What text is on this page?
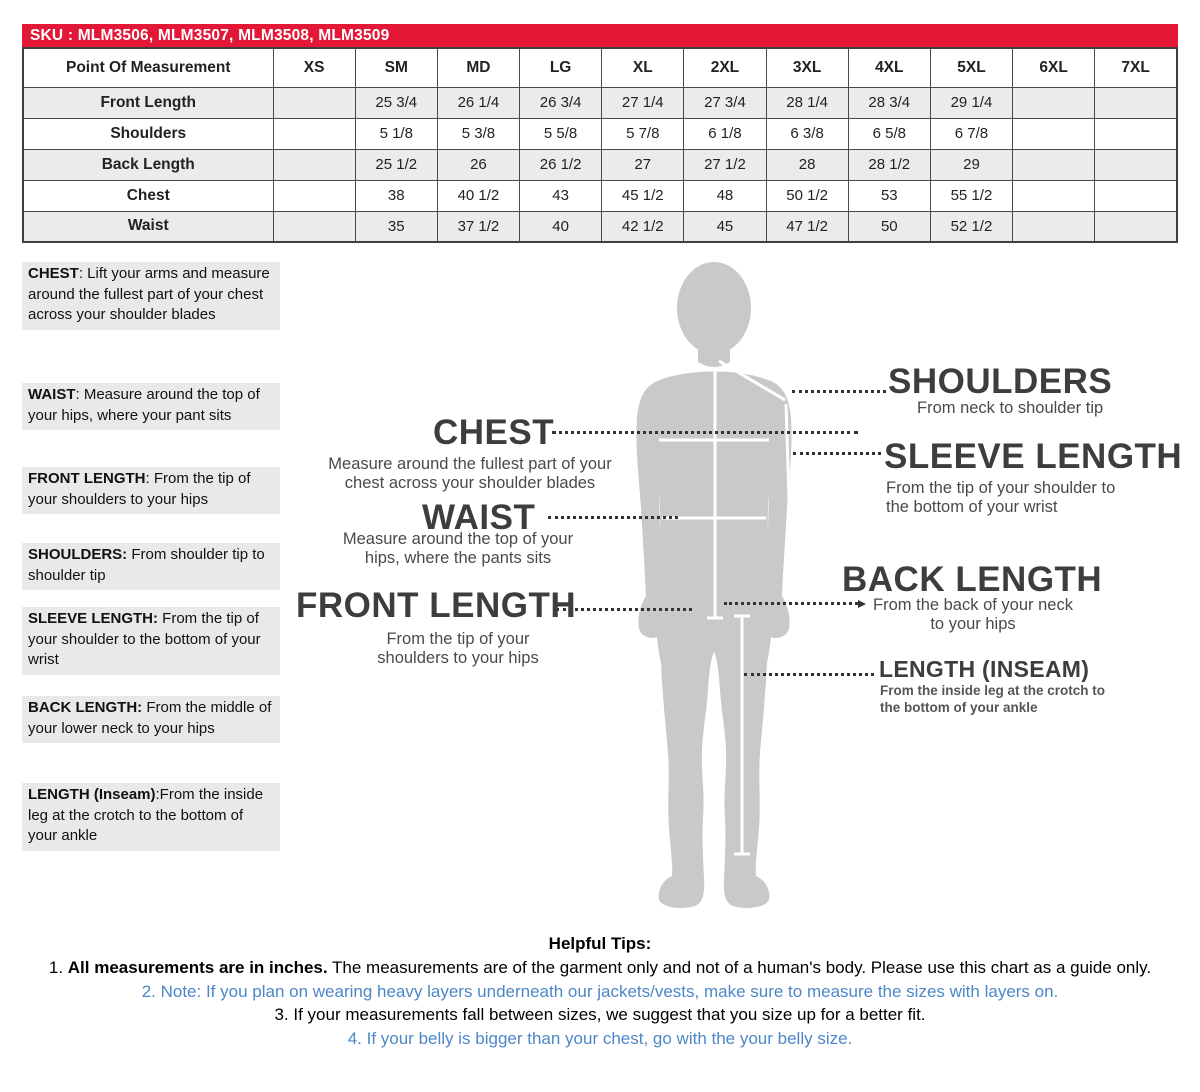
SKU : MLM3506, MLM3507, MLM3508, MLM3509
Point Of Measurement	XS	SM	MD	LG	XL	2XL	3XL	4XL	5XL	6XL	7XL
Front Length		25 3/4	26 1/4	26 3/4	27 1/4	27 3/4	28 1/4	28 3/4	29 1/4		
Shoulders		5 1/8	5 3/8	5 5/8	5 7/8	6 1/8	6 3/8	6 5/8	6 7/8		
Back Length		25 1/2	26	26 1/2	27	27 1/2	28	28 1/2	29		
Chest		38	40 1/2	43	45 1/2	48	50 1/2	53	55 1/2		
Waist		35	37 1/2	40	42 1/2	45	47 1/2	50	52 1/2		
CHEST: Lift your arms and measure around the fullest part of your chest across your shoulder blades
WAIST: Measure around the top of your hips, where your pant sits
FRONT LENGTH: From the tip of your shoulders to your hips
SHOULDERS: From shoulder tip to shoulder tip
SLEEVE LENGTH: From the tip of your shoulder to the bottom of your wrist
BACK LENGTH: From the middle of your lower neck to your hips
LENGTH (Inseam):From the inside leg at the crotch to the bottom of your ankle
CHEST
Measure around the fullest part of your chest across your shoulder blades
WAIST
Measure around the top of your hips, where the pants sits
FRONT LENGTH
From the tip of your shoulders to your hips
SHOULDERS
From neck to shoulder tip
SLEEVE LENGTH
From the tip of your shoulder to the bottom of your wrist
BACK LENGTH
From the back of your neck to your hips
LENGTH (INSEAM)
From the inside leg at the crotch to the bottom of your ankle
Helpful Tips:
1. All measurements are in inches. The measurements are of the garment only and not of a human's body. Please use this chart as a guide only.
2. Note: If you plan on wearing heavy layers underneath our jackets/vests, make sure to measure the sizes with layers on.
3. If your measurements fall between sizes, we suggest that you size up for a better fit.
4. If your belly is bigger than your chest, go with the your belly size.
